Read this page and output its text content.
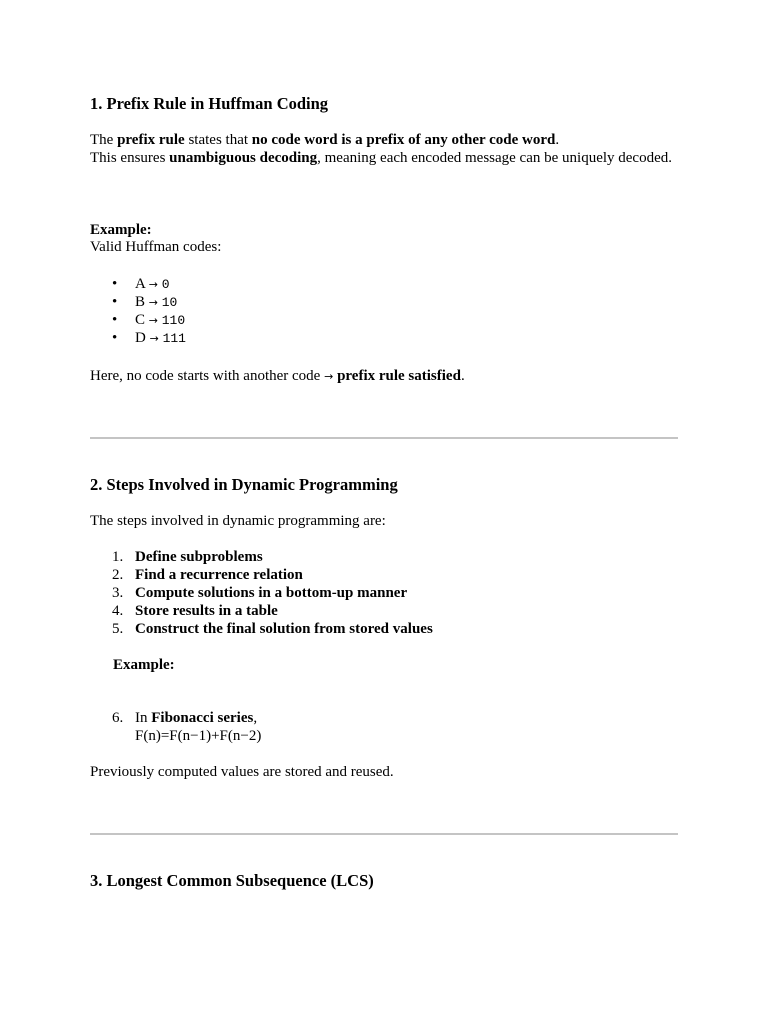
1. Prefix Rule in Huffman Coding

The prefix rule states that no code word is a prefix of any other code word.

This ensures unambiguous decoding, meaning each encoded message can be uniquely decoded.

Example:

Valid Huffman codes:

• A → 0
• B → 10
• C → 110
• D → 111

Here, no code starts with another code → prefix rule satisfied.

2. Steps Involved in Dynamic Programming

The steps involved in dynamic programming are:

1. Define subproblems
2. Find a recurrence relation
3. Compute solutions in a bottom-up manner
4. Store results in a table
5. Construct the final solution from stored values

Example:

6. In Fibonacci series,
F(n)=F(n−1)+F(n−2)

Previously computed values are stored and reused.

3. Longest Common Subsequence (LCS)
